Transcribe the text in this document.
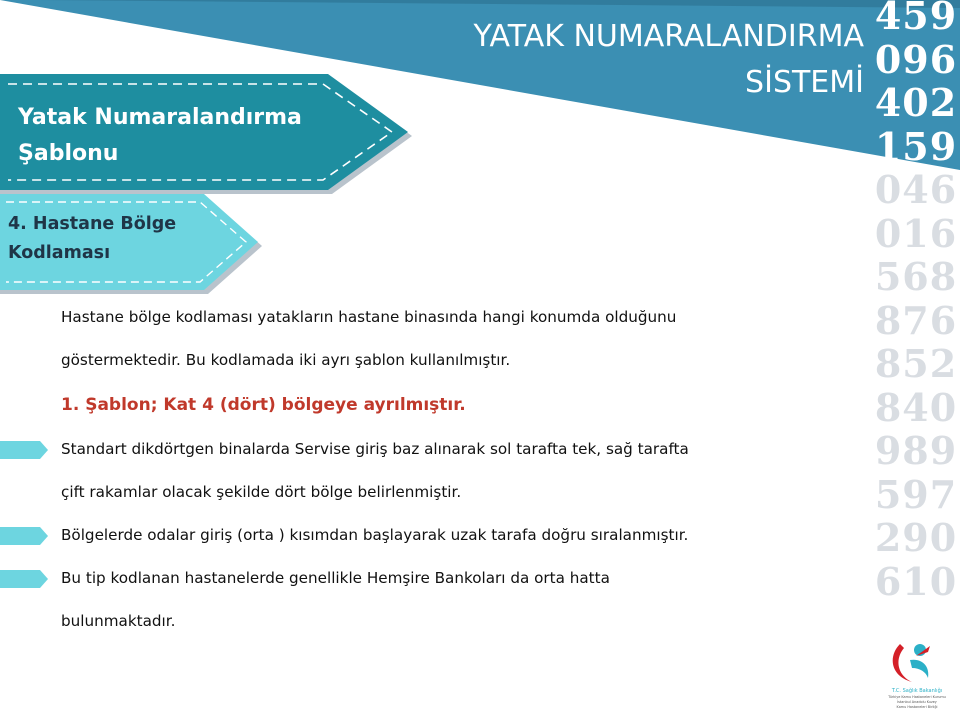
YATAK NUMARALANDIRMA
SİSTEMİ
459
096
402
159
046
016
568
876
852
840
989
597
290
610
Yatak Numaralandırma
Şablonu
4. Hastane Bölge
Kodlaması

Hastane bölge kodlaması yatakların hastane binasında hangi konumda olduğunu

göstermektedir. Bu kodlamada iki ayrı şablon kullanılmıştır.

1. Şablon; Kat 4 (dört) bölgeye ayrılmıştır.

Standart dikdörtgen binalarda Servise giriş baz alınarak sol tarafta tek, sağ tarafta

çift rakamlar olacak şekilde dört bölge belirlenmiştir.

Bölgelerde odalar giriş (orta ) kısımdan başlayarak uzak tarafa doğru sıralanmıştır.

Bu tip kodlanan hastanelerde genellikle Hemşire Bankoları da orta hatta

bulunmaktadır.

T.C. Sağlık Bakanlığı
Türkiye Kamu Hastaneleri Kurumu
İstanbul Anadolu Kuzey
Kamu Hastaneleri Birliği
